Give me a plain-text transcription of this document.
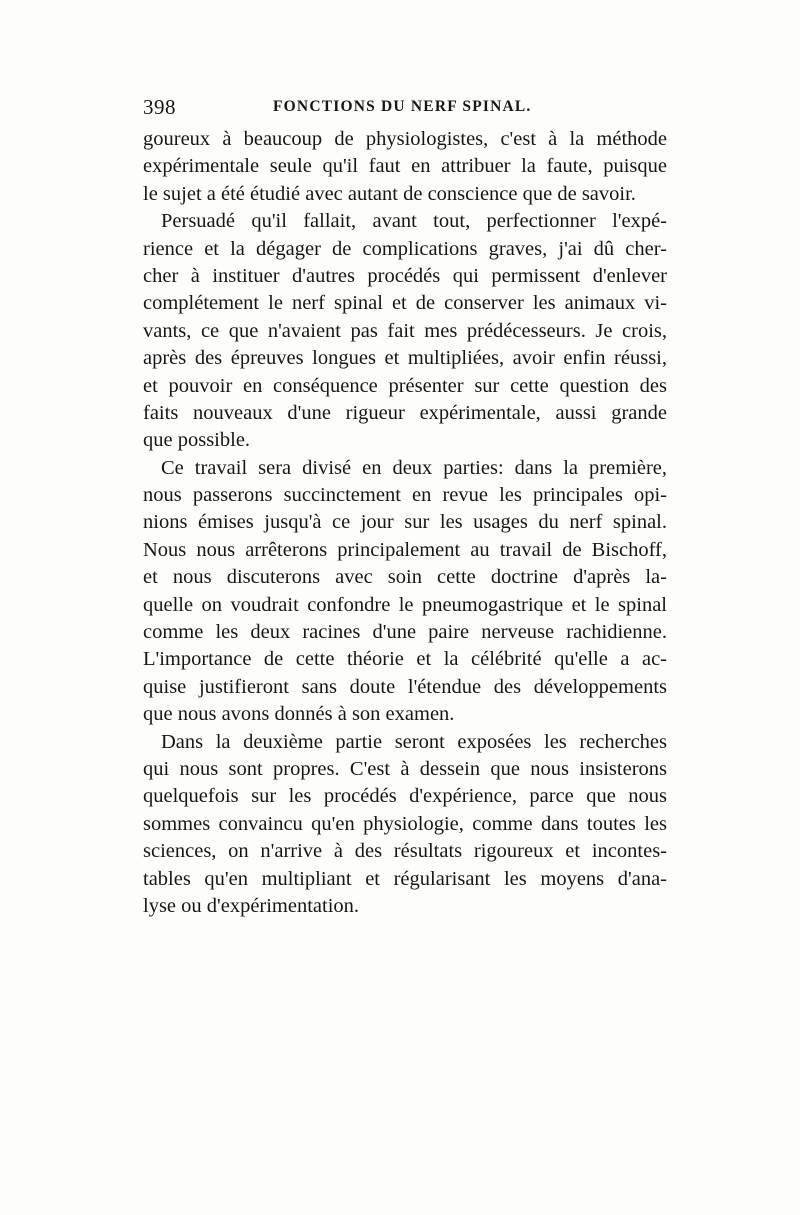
398	FONCTIONS DU NERF SPINAL.
goureux à beaucoup de physiologistes, c'est à la méthode
expérimentale seule qu'il faut en attribuer la faute, puisque
le sujet a été étudié avec autant de conscience que de savoir.
Persuadé qu'il fallait, avant tout, perfectionner l'expé-
rience et la dégager de complications graves, j'ai dû cher-
cher à instituer d'autres procédés qui permissent d'enlever
complétement le nerf spinal et de conserver les animaux vi-
vants, ce que n'avaient pas fait mes prédécesseurs. Je crois,
après des épreuves longues et multipliées, avoir enfin réussi,
et pouvoir en conséquence présenter sur cette question des
faits nouveaux d'une rigueur expérimentale, aussi grande
que possible.
Ce travail sera divisé en deux parties: dans la première,
nous passerons succinctement en revue les principales opi-
nions émises jusqu'à ce jour sur les usages du nerf spinal.
Nous nous arrêterons principalement au travail de Bischoff,
et nous discuterons avec soin cette doctrine d'après la-
quelle on voudrait confondre le pneumogastrique et le spinal
comme les deux racines d'une paire nerveuse rachidienne.
L'importance de cette théorie et la célébrité qu'elle a ac-
quise justifieront sans doute l'étendue des développements
que nous avons donnés à son examen.
Dans la deuxième partie seront exposées les recherches
qui nous sont propres. C'est à dessein que nous insisterons
quelquefois sur les procédés d'expérience, parce que nous
sommes convaincu qu'en physiologie, comme dans toutes les
sciences, on n'arrive à des résultats rigoureux et incontes-
tables qu'en multipliant et régularisant les moyens d'ana-
lyse ou d'expérimentation.
